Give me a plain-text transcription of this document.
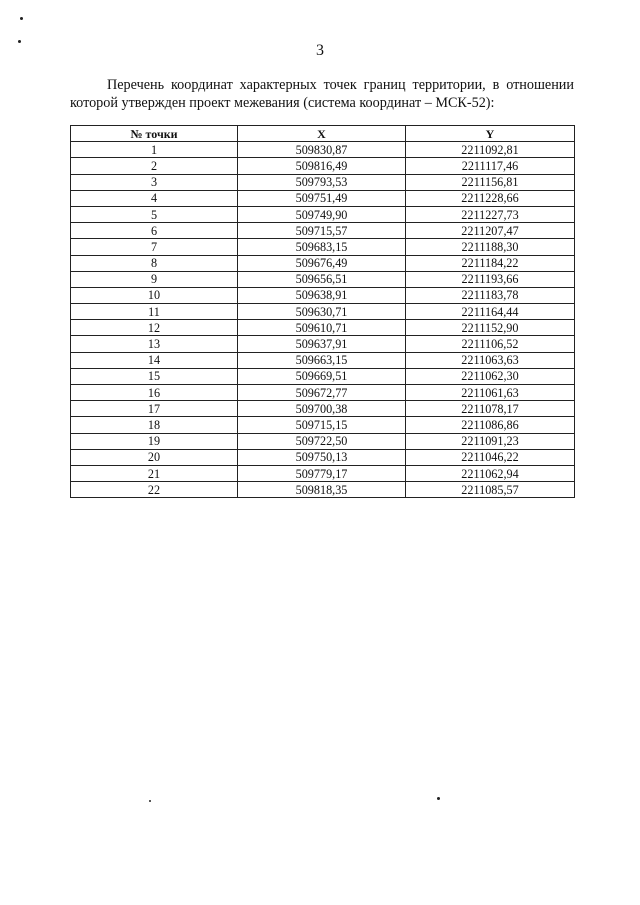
3
Перечень координат характерных точек границ территории, в отношении
которой утвержден проект межевания (система координат – МСК-52):
№ точки	X	Y
1	509830,87	2211092,81
2	509816,49	2211117,46
3	509793,53	2211156,81
4	509751,49	2211228,66
5	509749,90	2211227,73
6	509715,57	2211207,47
7	509683,15	2211188,30
8	509676,49	2211184,22
9	509656,51	2211193,66
10	509638,91	2211183,78
11	509630,71	2211164,44
12	509610,71	2211152,90
13	509637,91	2211106,52
14	509663,15	2211063,63
15	509669,51	2211062,30
16	509672,77	2211061,63
17	509700,38	2211078,17
18	509715,15	2211086,86
19	509722,50	2211091,23
20	509750,13	2211046,22
21	509779,17	2211062,94
22	509818,35	2211085,57
